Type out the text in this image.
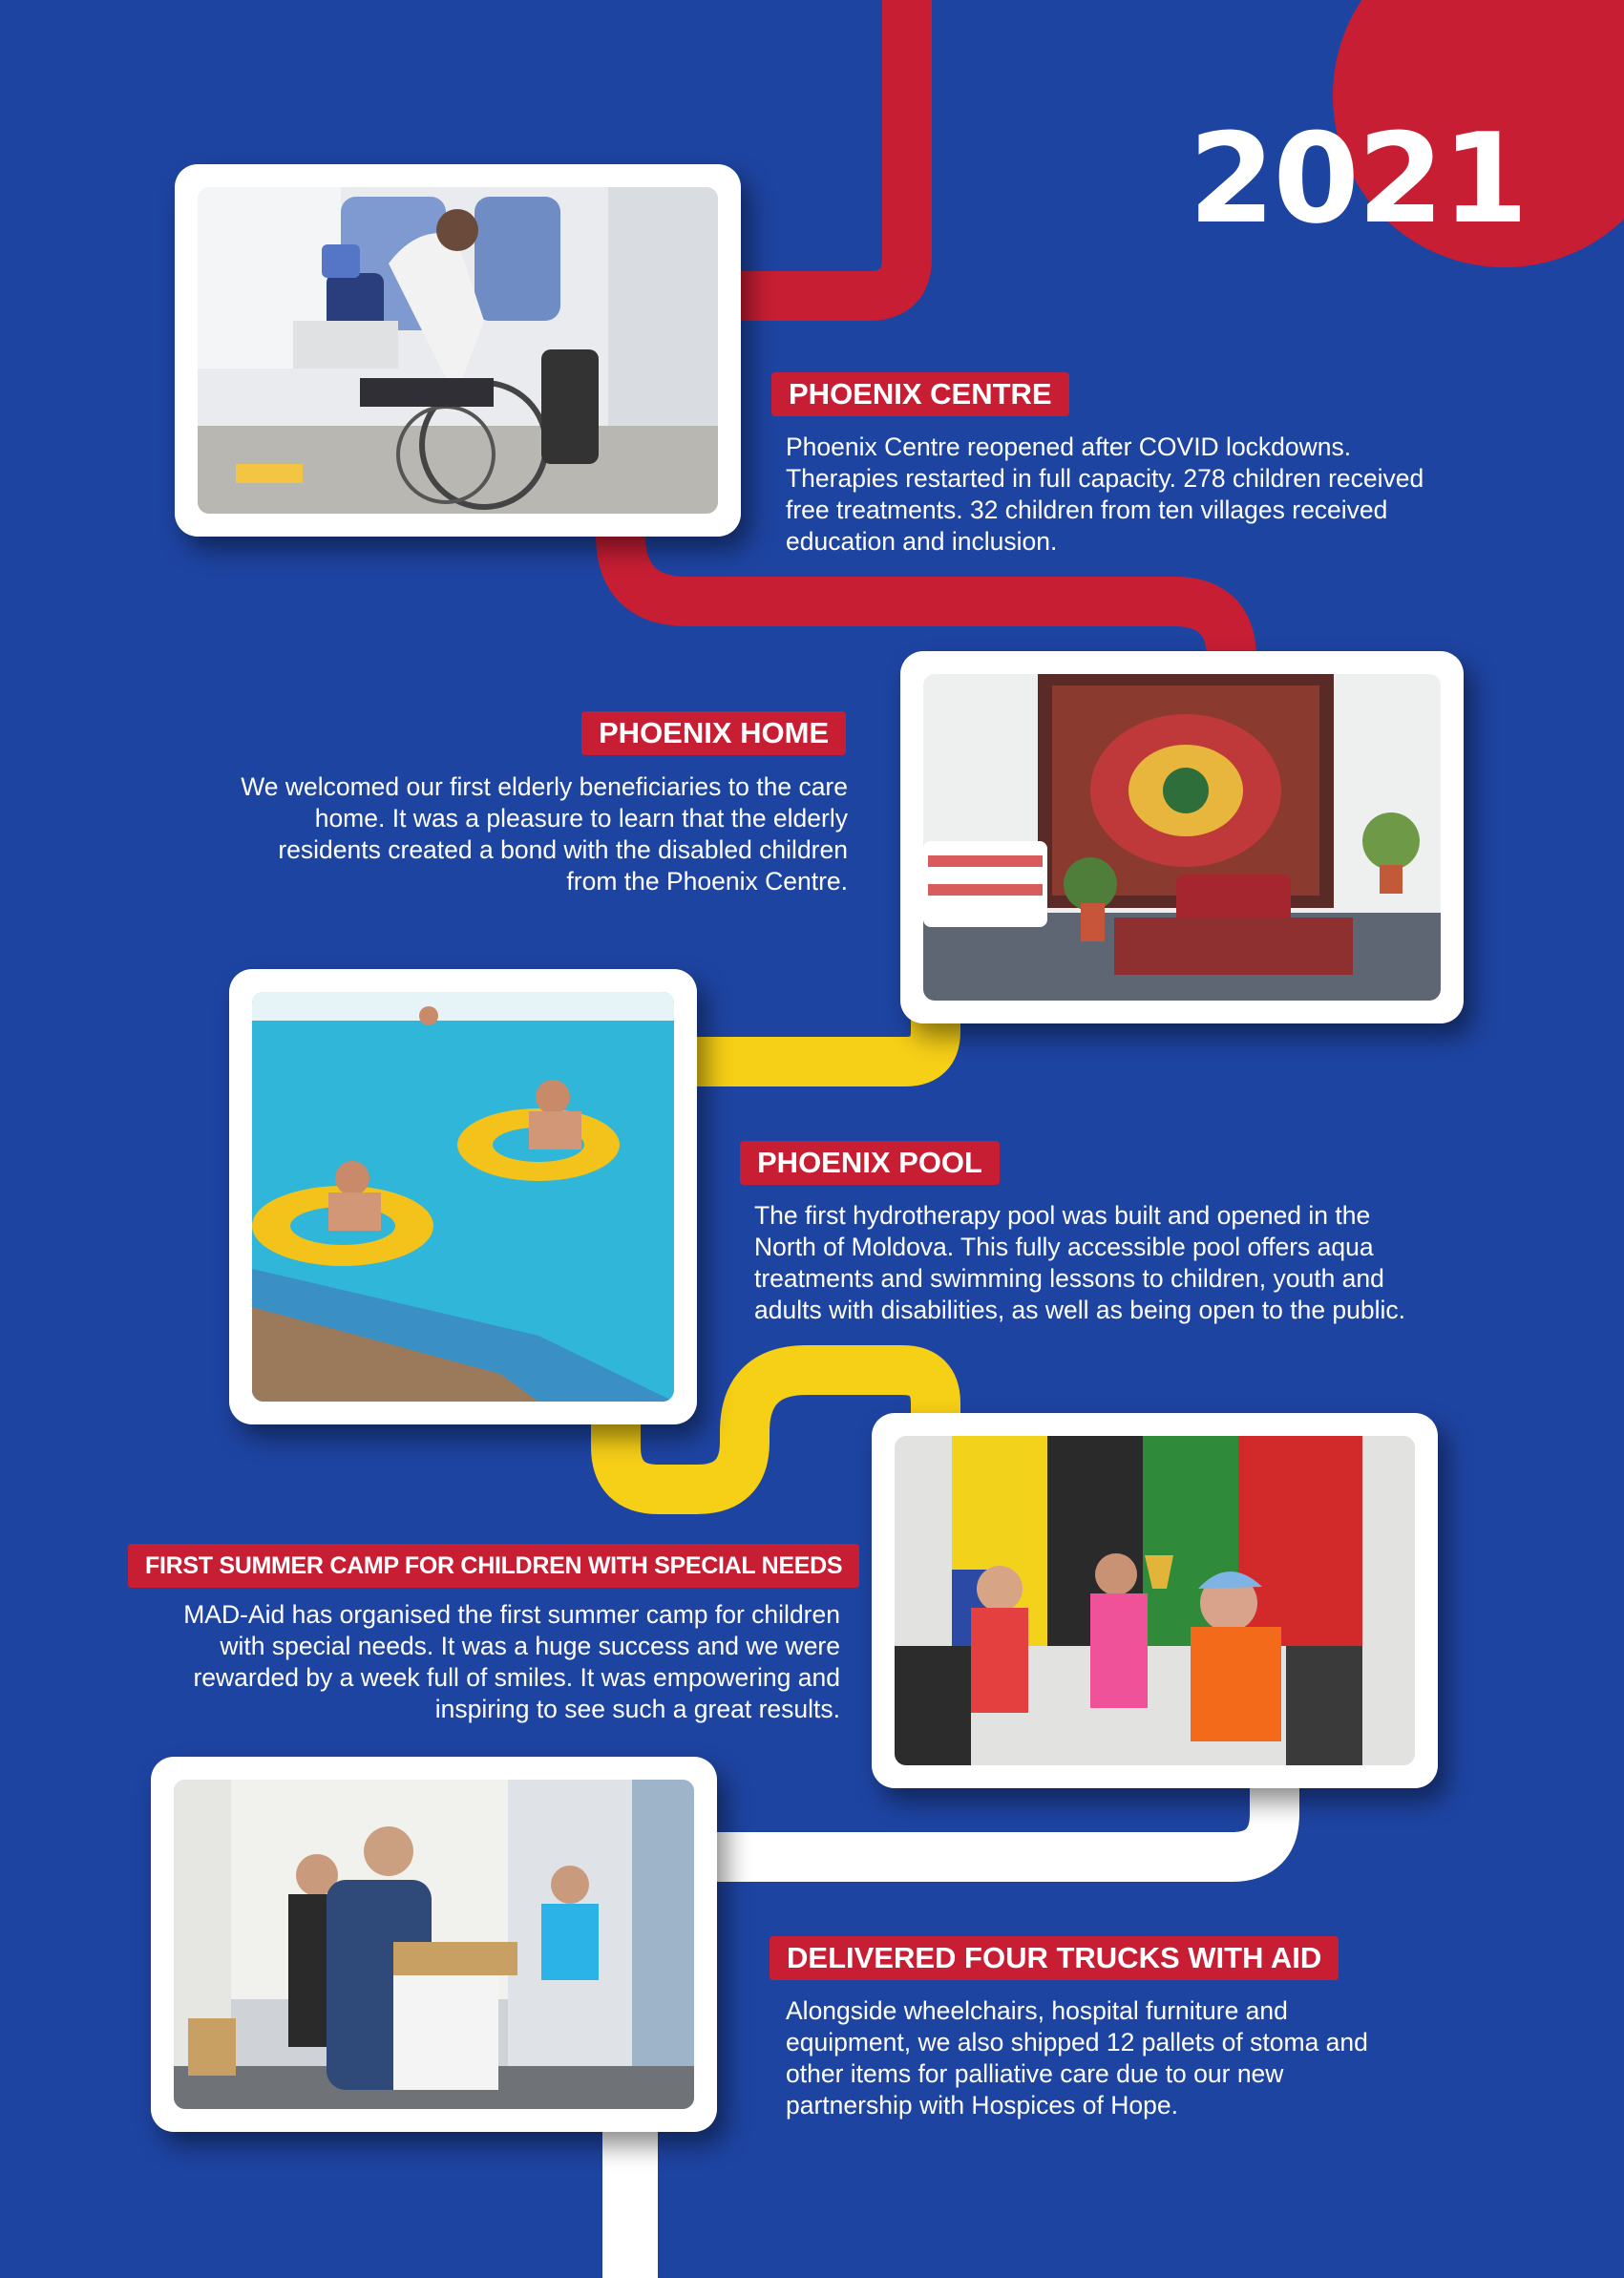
2021
PHOENIX CENTRE
Phoenix Centre reopened after COVID lockdowns.
Therapies restarted in full capacity. 278 children received
free treatments. 32 children from ten villages received
education and inclusion.
PHOENIX HOME
We welcomed our first elderly beneficiaries to the care
home. It was a pleasure to learn that the elderly
residents created a bond with the disabled children
from the Phoenix Centre.
PHOENIX POOL
The first hydrotherapy pool was built and opened in the
North of Moldova. This fully accessible pool offers aqua
treatments and swimming lessons to children, youth and
adults with disabilities, as well as being open to the public.
FIRST SUMMER CAMP FOR CHILDREN WITH SPECIAL NEEDS
MAD-Aid has organised the first summer camp for children
with special needs. It was a huge success and we were
rewarded by a week full of smiles. It was empowering and
inspiring to see such a great results.
DELIVERED FOUR TRUCKS WITH AID
Alongside wheelchairs, hospital furniture and
equipment, we also shipped 12 pallets of stoma and
other items for palliative care due to our new
partnership with Hospices of Hope.
